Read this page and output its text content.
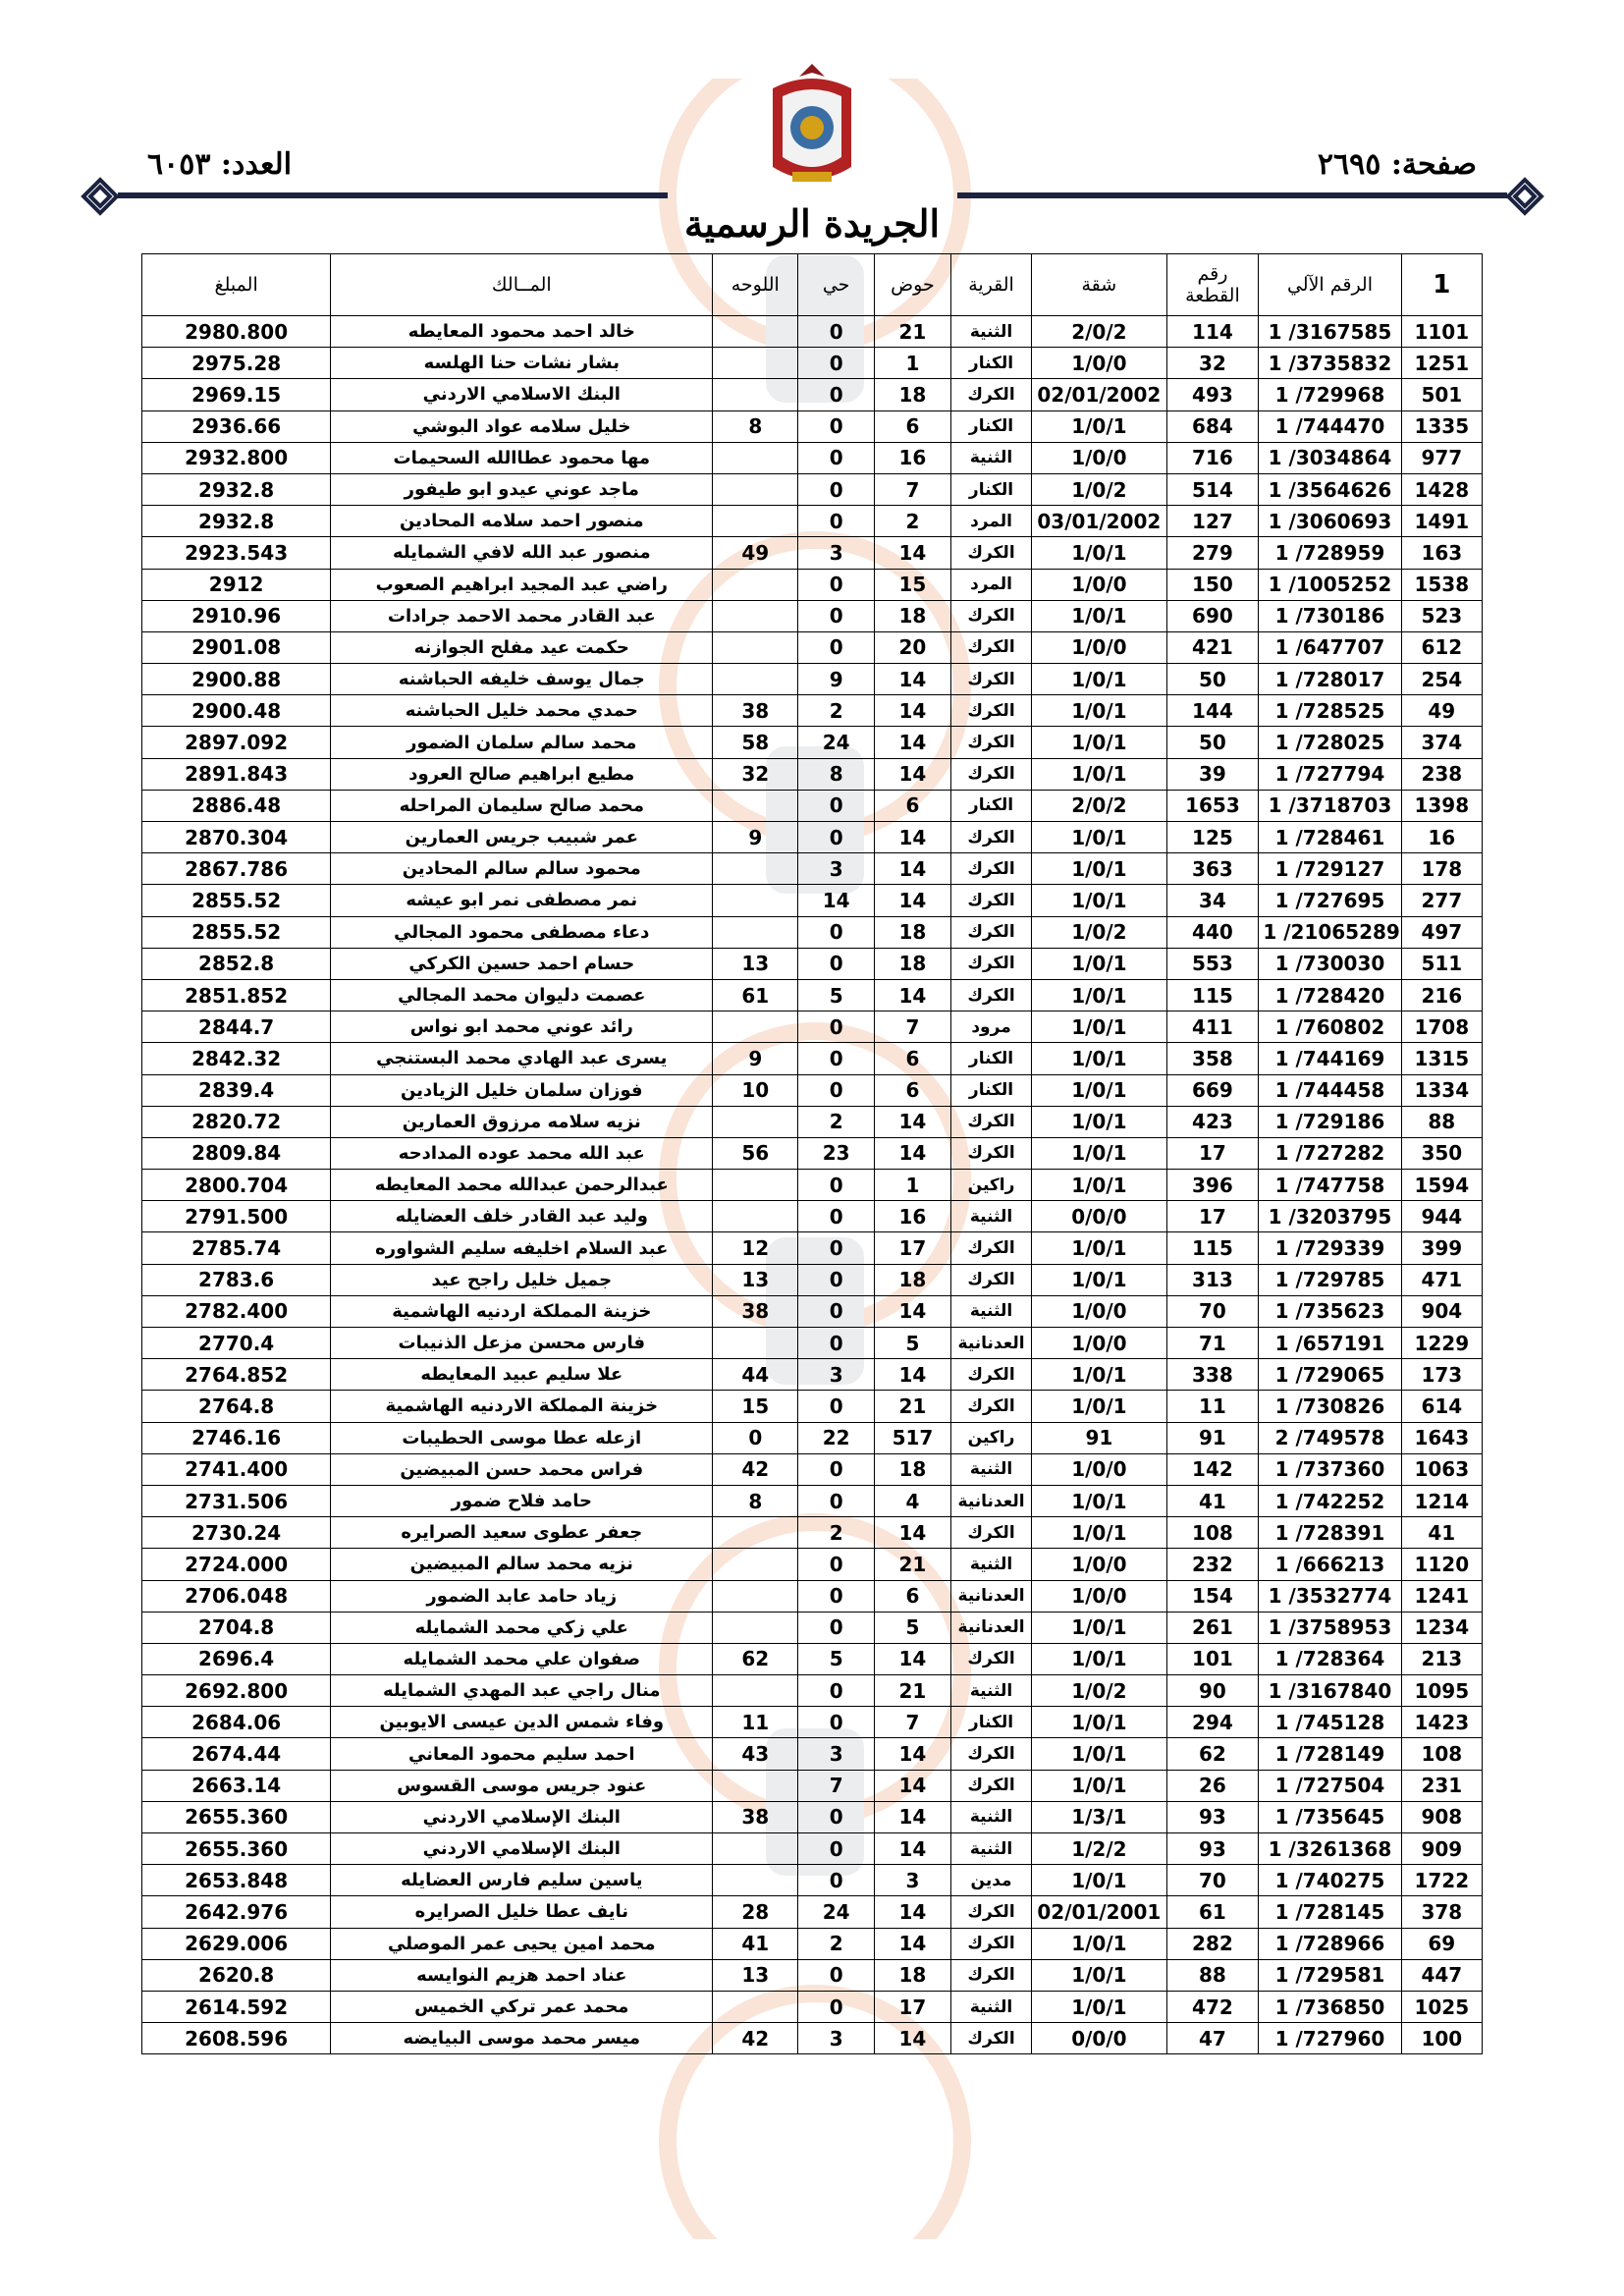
صفحة: ٢٦٩٥
العدد: ٦٠٥٣
الجريدة الرسمية
1	الرقم الآلي	رقم القطعة	شقة	القرية	حوض	حي	اللوحه	المــالك	المبلغ
1101	1 /3167585	114	2/0/2	الثنية	21	0		خالد احمد محمود المعايطه	2980.800
1251	1 /3735832	32	1/0/0	الكنار	1	0		بشار نشات حنا الهلسه	2975.28
501	1 /729968	493	02/01/2002	الكرك	18	0		البنك الاسلامي الاردني	2969.15
1335	1 /744470	684	1/0/1	الكنار	6	0	8	خليل سلامه عواد البوشي	2936.66
977	1 /3034864	716	1/0/0	الثنية	16	0		مها محمود عطاالله السحيمات	2932.800
1428	1 /3564626	514	1/0/2	الكنار	7	0		ماجد عوني عيدو ابو طيفور	2932.8
1491	1 /3060693	127	03/01/2002	المرد	2	0		منصور احمد سلامه المحادين	2932.8
163	1 /728959	279	1/0/1	الكرك	14	3	49	منصور عبد الله لافي الشمايله	2923.543
1538	1 /1005252	150	1/0/0	المرد	15	0		راضي عبد المجيد ابراهيم الصعوب	2912
523	1 /730186	690	1/0/1	الكرك	18	0		عبد القادر محمد الاحمد جرادات	2910.96
612	1 /647707	421	1/0/0	الكرك	20	0		حكمت عيد مفلح الجوازنه	2901.08
254	1 /728017	50	1/0/1	الكرك	14	9		جمال يوسف خليفه الحباشنه	2900.88
49	1 /728525	144	1/0/1	الكرك	14	2	38	حمدي محمد خليل الحباشنه	2900.48
374	1 /728025	50	1/0/1	الكرك	14	24	58	محمد سالم سلمان الضمور	2897.092
238	1 /727794	39	1/0/1	الكرك	14	8	32	مطيع ابراهيم صالح العرود	2891.843
1398	1 /3718703	1653	2/0/2	الكنار	6	0		محمد صالح سليمان المراحله	2886.48
16	1 /728461	125	1/0/1	الكرك	14	0	9	عمر شبيب جريس العمارين	2870.304
178	1 /729127	363	1/0/1	الكرك	14	3		محمود سالم سالم المحادين	2867.786
277	1 /727695	34	1/0/1	الكرك	14	14		نمر مصطفى نمر ابو عيشه	2855.52
497	1 /21065289	440	1/0/2	الكرك	18	0		دعاء مصطفى محمود المجالي	2855.52
511	1 /730030	553	1/0/1	الكرك	18	0	13	حسام احمد حسين الكركي	2852.8
216	1 /728420	115	1/0/1	الكرك	14	5	61	عصمت دليوان محمد المجالي	2851.852
1708	1 /760802	411	1/0/1	مرود	7	0		رائد عوني محمد ابو نواس	2844.7
1315	1 /744169	358	1/0/1	الكنار	6	0	9	يسرى عبد الهادي محمد البستنجي	2842.32
1334	1 /744458	669	1/0/1	الكنار	6	0	10	فوزان سلمان خليل الزيادين	2839.4
88	1 /729186	423	1/0/1	الكرك	14	2		نزيه سلامه مرزوق العمارين	2820.72
350	1 /727282	17	1/0/1	الكرك	14	23	56	عبد الله محمد عوده المدادحه	2809.84
1594	1 /747758	396	1/0/1	راكين	1	0		عبدالرحمن عبدالله محمد المعايطه	2800.704
944	1 /3203795	17	0/0/0	الثنية	16	0		وليد عبد القادر خلف العضايله	2791.500
399	1 /729339	115	1/0/1	الكرك	17	0	12	عبد السلام اخليفه سليم الشواوره	2785.74
471	1 /729785	313	1/0/1	الكرك	18	0	13	جميل خليل راجح عيد	2783.6
904	1 /735623	70	1/0/0	الثنية	14	0	38	خزينة المملكة اردنيه الهاشمية	2782.400
1229	1 /657191	71	1/0/0	العدنانية	5	0		فارس محسن مزعل الذنيبات	2770.4
173	1 /729065	338	1/0/1	الكرك	14	3	44	علا سليم عبيد المعايطه	2764.852
614	1 /730826	11	1/0/1	الكرك	21	0	15	خزينة المملكة الاردنيه الهاشمية	2764.8
1643	2 /749578	91	91	راكين	517	22	0	ازعله عطا موسى الحطيبات	2746.16
1063	1 /737360	142	1/0/0	الثنية	18	0	42	فراس محمد حسن المبيضين	2741.400
1214	1 /742252	41	1/0/1	العدنانية	4	0	8	حامد فلاح ضمور	2731.506
41	1 /728391	108	1/0/1	الكرك	14	2		جعفر عطوى سعيد الصرايره	2730.24
1120	1 /666213	232	1/0/0	الثنية	21	0		نزيه محمد سالم المبيضين	2724.000
1241	1 /3532774	154	1/0/0	العدنانية	6	0		زياد حامد عابد الضمور	2706.048
1234	1 /3758953	261	1/0/1	العدنانية	5	0		علي زكي محمد الشمايله	2704.8
213	1 /728364	101	1/0/1	الكرك	14	5	62	صفوان علي محمد الشمايله	2696.4
1095	1 /3167840	90	1/0/2	الثنية	21	0		منال راجي عبد المهدي الشمايله	2692.800
1423	1 /745128	294	1/0/1	الكنار	7	0	11	وفاء شمس الدين عيسى الايوبين	2684.06
108	1 /728149	62	1/0/1	الكرك	14	3	43	احمد سليم محمود المعاني	2674.44
231	1 /727504	26	1/0/1	الكرك	14	7		عنود جريس موسى القسوس	2663.14
908	1 /735645	93	1/3/1	الثنية	14	0	38	البنك الإسلامي الاردني	2655.360
909	1 /3261368	93	1/2/2	الثنية	14	0		البنك الإسلامي الاردني	2655.360
1722	1 /740275	70	1/0/1	مدين	3	0		ياسين سليم فارس العضايله	2653.848
378	1 /728145	61	02/01/2001	الكرك	14	24	28	نايف عطا خليل الصرايره	2642.976
69	1 /728966	282	1/0/1	الكرك	14	2	41	محمد امين يحيى عمر الموصلي	2629.006
447	1 /729581	88	1/0/1	الكرك	18	0	13	عناد احمد هزيم النوايسه	2620.8
1025	1 /736850	472	1/0/1	الثنية	17	0		محمد عمر تركي الخميس	2614.592
100	1 /727960	47	0/0/0	الكرك	14	3	42	ميسر محمد موسى البيايضه	2608.596
